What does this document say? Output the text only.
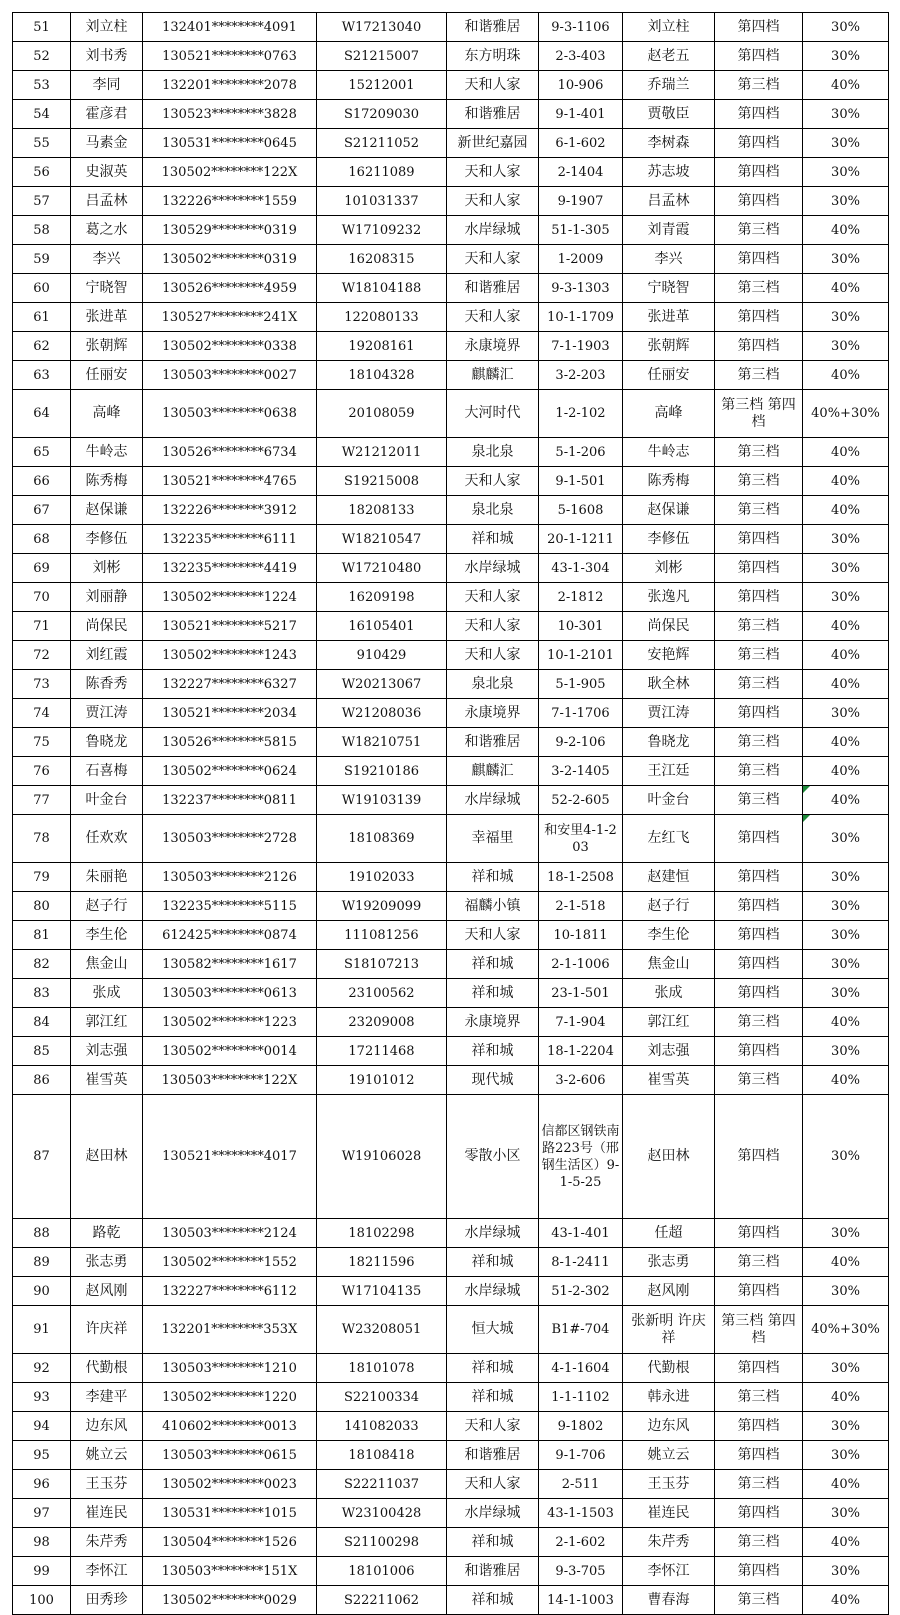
51	刘立柱	132401********4091	W17213040	和谐雅居	9-3-1106	刘立柱	第四档	30%
52	刘书秀	130521********0763	S21215007	东方明珠	2-3-403	赵老五	第四档	30%
53	李同	132201********2078	15212001	天和人家	10-906	乔瑞兰	第三档	40%
54	霍彦君	130523********3828	S17209030	和谐雅居	9-1-401	贾敬臣	第四档	30%
55	马素金	130531********0645	S21211052	新世纪嘉园	6-1-602	李树森	第四档	30%
56	史淑英	130502********122X	16211089	天和人家	2-1404	苏志坡	第四档	30%
57	吕孟林	132226********1559	101031337	天和人家	9-1907	吕孟林	第四档	30%
58	葛之水	130529********0319	W17109232	水岸绿城	51-1-305	刘青霞	第三档	40%
59	李兴	130502********0319	16208315	天和人家	1-2009	李兴	第四档	30%
60	宁晓智	130526********4959	W18104188	和谐雅居	9-3-1303	宁晓智	第三档	40%
61	张进革	130527********241X	122080133	天和人家	10-1-1709	张进革	第四档	30%
62	张朝辉	130502********0338	19208161	永康境界	7-1-1903	张朝辉	第四档	30%
63	任丽安	130503********0027	18104328	麒麟汇	3-2-203	任丽安	第三档	40%
64	高峰	130503********0638	20108059	大河时代	1-2-102	高峰	第三档 第四档	40%+30%
65	牛岭志	130526********6734	W21212011	泉北泉	5-1-206	牛岭志	第三档	40%
66	陈秀梅	130521********4765	S19215008	天和人家	9-1-501	陈秀梅	第三档	40%
67	赵保谦	132226********3912	18208133	泉北泉	5-1608	赵保谦	第三档	40%
68	李修伍	132235********6111	W18210547	祥和城	20-1-1211	李修伍	第四档	30%
69	刘彬	132235********4419	W17210480	水岸绿城	43-1-304	刘彬	第四档	30%
70	刘丽静	130502********1224	16209198	天和人家	2-1812	张逸凡	第四档	30%
71	尚保民	130521********5217	16105401	天和人家	10-301	尚保民	第三档	40%
72	刘红霞	130502********1243	910429	天和人家	10-1-2101	安艳辉	第三档	40%
73	陈香秀	132227********6327	W20213067	泉北泉	5-1-905	耿全林	第三档	40%
74	贾江涛	130521********2034	W21208036	永康境界	7-1-1706	贾江涛	第四档	30%
75	鲁晓龙	130526********5815	W18210751	和谐雅居	9-2-106	鲁晓龙	第三档	40%
76	石喜梅	130502********0624	S19210186	麒麟汇	3-2-1405	王江廷	第三档	40%
77	叶金台	132237********0811	W19103139	水岸绿城	52-2-605	叶金台	第三档	40%
78	任欢欢	130503********2728	18108369	幸福里	和安里4-1-203	左红飞	第四档	30%
79	朱丽艳	130503********2126	19102033	祥和城	18-1-2508	赵建恒	第四档	30%
80	赵子行	132235********5115	W19209099	福麟小镇	2-1-518	赵子行	第四档	30%
81	李生伦	612425********0874	111081256	天和人家	10-1811	李生伦	第四档	30%
82	焦金山	130582********1617	S18107213	祥和城	2-1-1006	焦金山	第四档	30%
83	张成	130503********0613	23100562	祥和城	23-1-501	张成	第四档	30%
84	郭江红	130502********1223	23209008	永康境界	7-1-904	郭江红	第三档	40%
85	刘志强	130502********0014	17211468	祥和城	18-1-2204	刘志强	第四档	30%
86	崔雪英	130503********122X	19101012	现代城	3-2-606	崔雪英	第三档	40%
87	赵田林	130521********4017	W19106028	零散小区	信都区钢铁南路223号（邢钢生活区）9-1-5-25	赵田林	第四档	30%
88	路乾	130503********2124	18102298	水岸绿城	43-1-401	任超	第四档	30%
89	张志勇	130502********1552	18211596	祥和城	8-1-2411	张志勇	第三档	40%
90	赵风刚	132227********6112	W17104135	水岸绿城	51-2-302	赵风刚	第四档	30%
91	许庆祥	132201********353X	W23208051	恒大城	B1#-704	张新明 许庆祥	第三档 第四档	40%+30%
92	代勤根	130503********1210	18101078	祥和城	4-1-1604	代勤根	第四档	30%
93	李建平	130502********1220	S22100334	祥和城	1-1-1102	韩永进	第三档	40%
94	边东风	410602********0013	141082033	天和人家	9-1802	边东风	第四档	30%
95	姚立云	130503********0615	18108418	和谐雅居	9-1-706	姚立云	第四档	30%
96	王玉芬	130502********0023	S22211037	天和人家	2-511	王玉芬	第三档	40%
97	崔连民	130531********1015	W23100428	水岸绿城	43-1-1503	崔连民	第四档	30%
98	朱芹秀	130504********1526	S21100298	祥和城	2-1-602	朱芹秀	第三档	40%
99	李怀江	130503********151X	18101006	和谐雅居	9-3-705	李怀江	第四档	30%
100	田秀珍	130502********0029	S22211062	祥和城	14-1-1003	曹春海	第三档	40%
